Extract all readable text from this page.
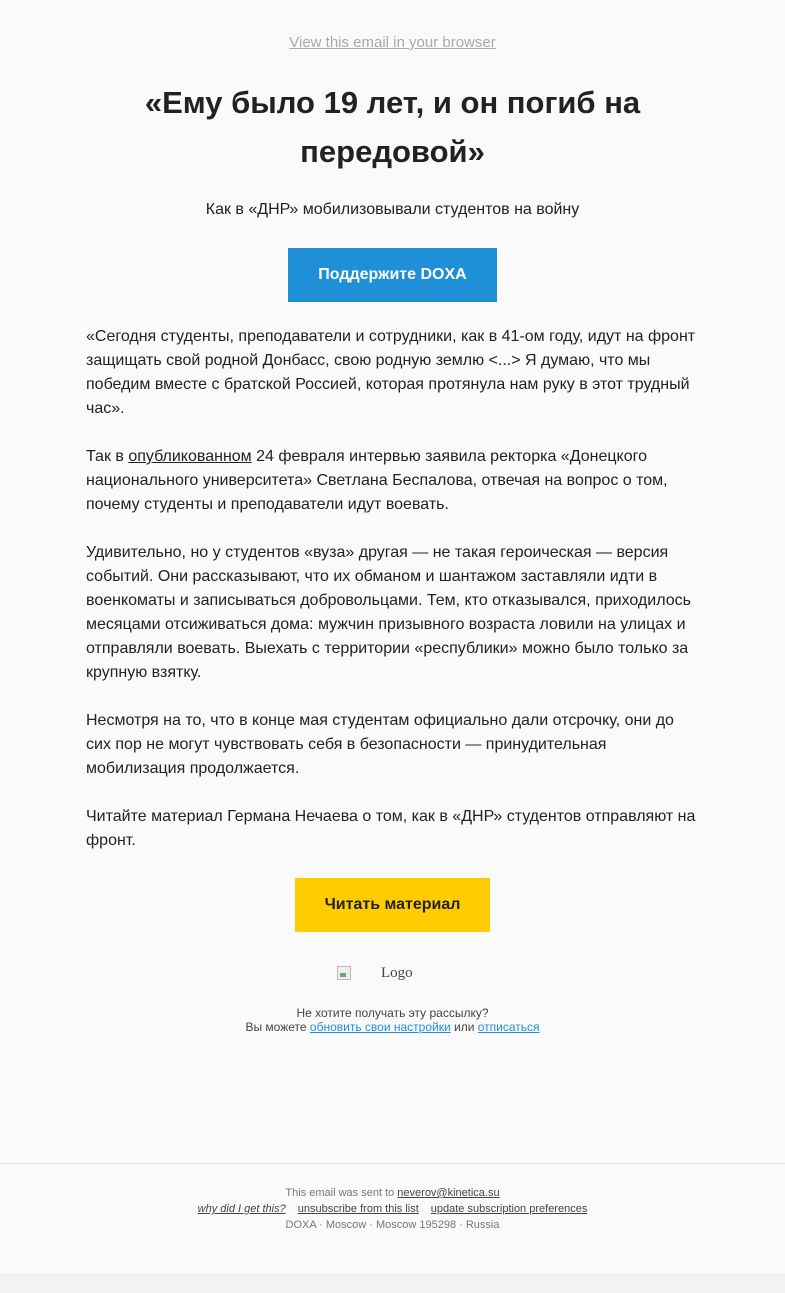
View this email in your browser
«Ему было 19 лет, и он погиб на передовой»
Как в «ДНР» мобилизовывали студентов на войну
Поддержите DOXA

«Сегодня студенты, преподаватели и сотрудники, как в 41-ом году, идут на фронт защищать свой родной Донбасс, свою родную землю <...> Я думаю, что мы победим вместе с братской Россией, которая протянула нам руку в этот трудный час».

Так в опубликованном 24 февраля интервью заявила ректорка «Донецкого национального университета» Светлана Беспалова, отвечая на вопрос о том, почему студенты и преподаватели идут воевать.

Удивительно, но у студентов «вуза» другая — не такая героическая — версия событий. Они рассказывают, что их обманом и шантажом заставляли идти в военкоматы и записываться добровольцами. Тем, кто отказывался, приходилось месяцами отсиживаться дома: мужчин призывного возраста ловили на улицах и отправляли воевать. Выехать с территории «республики» можно было только за крупную взятку.

Несмотря на то, что в конце мая студентам официально дали отсрочку, они до сих пор не могут чувствовать себя в безопасности — принудительная мобилизация продолжается.

Читайте материал Германа Нечаева о том, как в «ДНР» студентов отправляют на фронт.

Читать материал
Logo
Не хотите получать эту рассылку?
Вы можете обновить свои настройки или отписаться
This email was sent to neverov@kinetica.su
why did I get this? unsubscribe from this list update subscription preferences
DOXA · Moscow · Moscow 195298 · Russia
